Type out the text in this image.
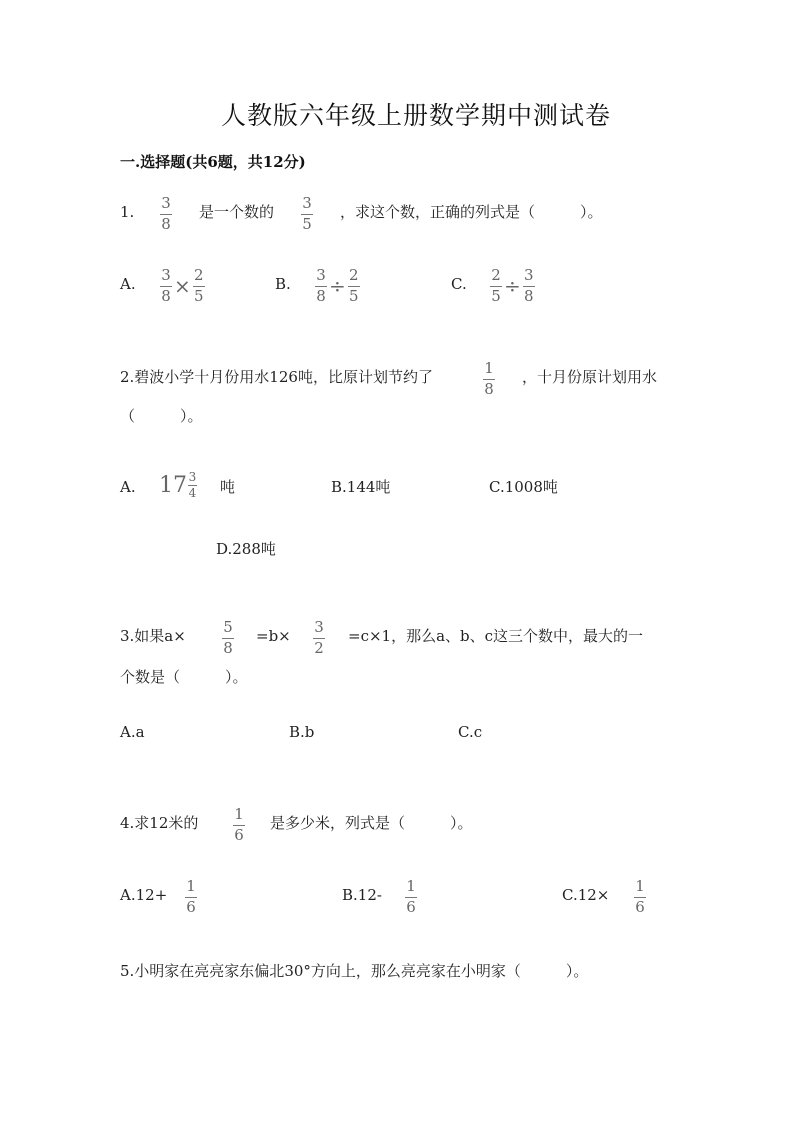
人教版六年级上册数学期中测试卷
一.选择题(共6题，共12分)
1. 3
8
是一个数的 3
5
，求这个数，正确的列式是（　　　）。
A. $\frac{3}{8} \times \frac{2}{5}$	B. $\frac{3}{8} \div \frac{2}{5}$	C. $\frac{2}{5} \div \frac{3}{8}$
2.碧波小学十月份用水126吨，比原计划节约了	1
8
，十月份原计划用水
（　　　）。
A. $17 \frac{3}{4}$ 吨	B.144吨	C.1008吨
D.288吨
3.如果a× 5
8
=b× 3
2
=c×1，那么a、b、c这三个数中，最大的一
个数是（　　　）。
A.a	B.b	C.c
4.求12米的 1
6
是多少米，列式是（　　　）。
A.12+ 1
6
B.12- 1
6
C.12× 1
6
5.小明家在亮亮家东偏北30°方向上，那么亮亮家在小明家（　　　）。
